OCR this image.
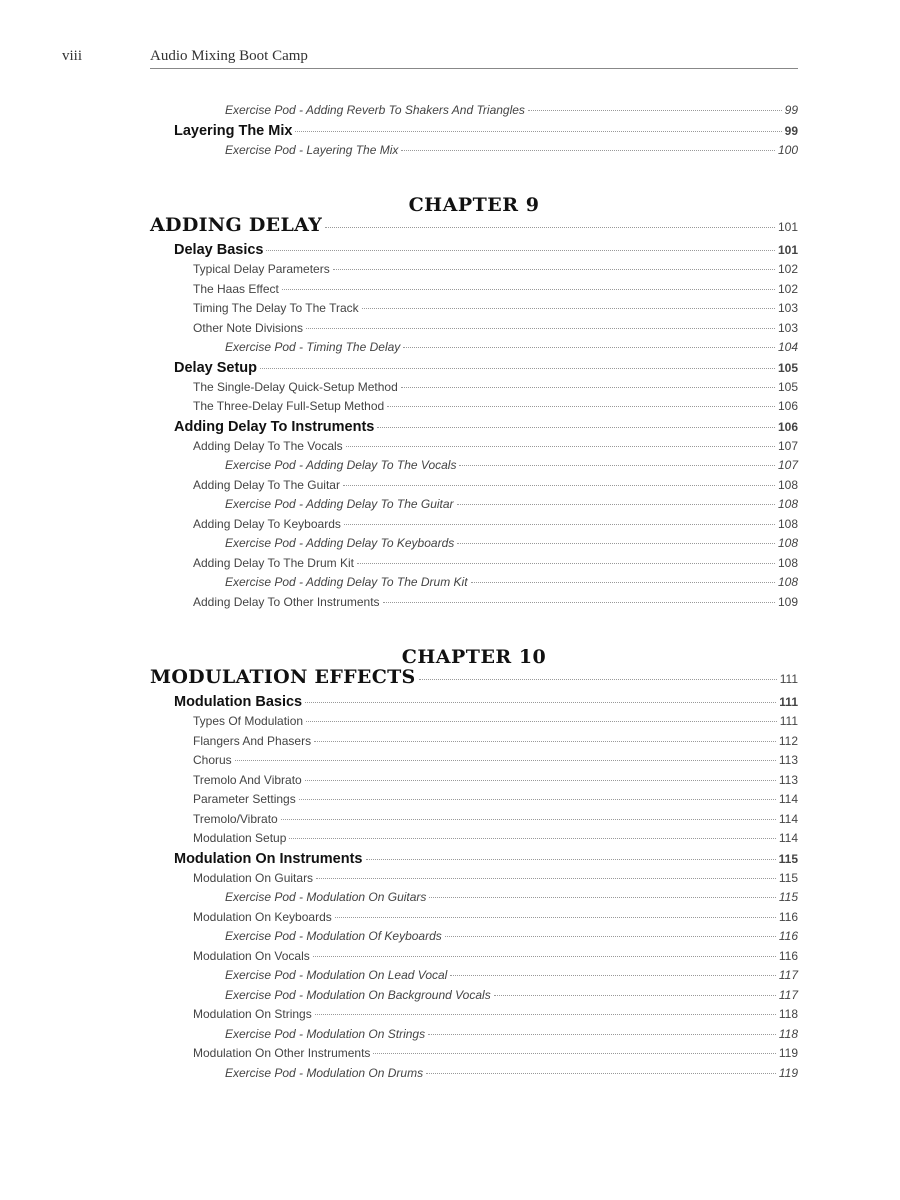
viii	Audio Mixing Boot Camp
Exercise Pod - Adding Reverb To Shakers And Triangles	99
Layering The Mix	99
Exercise Pod - Layering The Mix	100
CHAPTER 9
ADDING DELAY	101
Delay Basics	101
Typical Delay Parameters	102
The Haas Effect	102
Timing The Delay To The Track	103
Other Note Divisions	103
Exercise Pod - Timing The Delay	104
Delay Setup	105
The Single-Delay Quick-Setup Method	105
The Three-Delay Full-Setup Method	106
Adding Delay To Instruments	106
Adding Delay To The Vocals	107
Exercise Pod - Adding Delay To The Vocals	107
Adding Delay To The Guitar	108
Exercise Pod - Adding Delay To The Guitar	108
Adding Delay To Keyboards	108
Exercise Pod - Adding Delay To Keyboards	108
Adding Delay To The Drum Kit	108
Exercise Pod - Adding Delay To The Drum Kit	108
Adding Delay To Other Instruments	109
CHAPTER 10
MODULATION EFFECTS	111
Modulation Basics	111
Types Of Modulation	111
Flangers And Phasers	112
Chorus	113
Tremolo And Vibrato	113
Parameter Settings	114
Tremolo/Vibrato	114
Modulation Setup	114
Modulation On Instruments	115
Modulation On Guitars	115
Exercise Pod - Modulation On Guitars	115
Modulation On Keyboards	116
Exercise Pod - Modulation Of Keyboards	116
Modulation On Vocals	116
Exercise Pod - Modulation On Lead Vocal	117
Exercise Pod - Modulation On Background Vocals	117
Modulation On Strings	118
Exercise Pod - Modulation On Strings	118
Modulation On Other Instruments	119
Exercise Pod - Modulation On Drums	119
